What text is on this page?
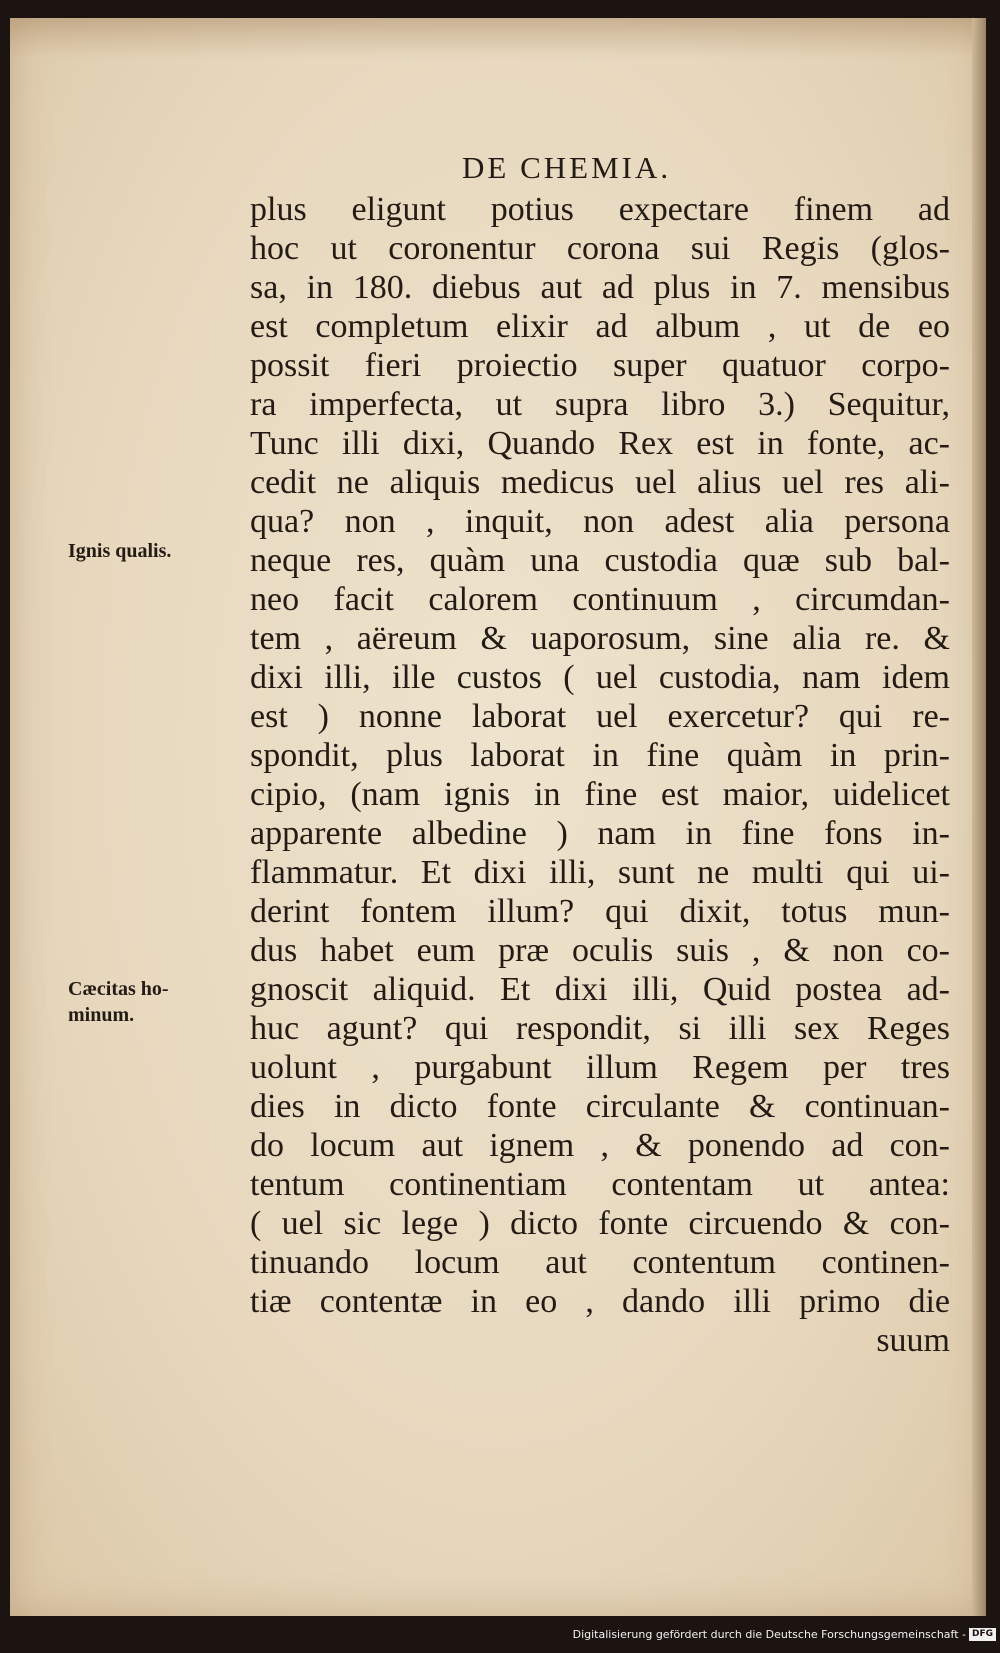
DE CHEMIA.
Ignis qualis.
Cæcitas ho-
minum.
plus eligunt potius expectare finem ad
hoc ut coronentur corona sui Regis (glos-
sa, in 180. diebus aut ad plus in 7. mensibus
est completum elixir ad album , ut de eo
possit fieri proiectio super quatuor corpo-
ra imperfecta, ut supra libro 3.) Sequitur,
Tunc illi dixi, Quando Rex est in fonte, ac-
cedit ne aliquis medicus uel alius uel res ali-
qua? non , inquit, non adest alia persona
neque res, quàm una custodia quæ sub bal-
neo facit calorem continuum , circumdan-
tem , aëreum & uaporosum, sine alia re. &
dixi illi, ille custos ( uel custodia, nam idem
est ) nonne laborat uel exercetur? qui re-
spondit, plus laborat in fine quàm in prin-
cipio, (nam ignis in fine est maior, uidelicet
apparente albedine ) nam in fine fons in-
flammatur. Et dixi illi, sunt ne multi qui ui-
derint fontem illum? qui dixit, totus mun-
dus habet eum præ oculis suis , & non co-
gnoscit aliquid. Et dixi illi, Quid postea ad-
huc agunt? qui respondit, si illi sex Reges
uolunt , purgabunt illum Regem per tres
dies in dicto fonte circulante & continuan-
do locum aut ignem , & ponendo ad con-
tentum continentiam contentam ut antea:
( uel sic lege ) dicto fonte circuendo & con-
tinuando locum aut contentum continen-
tiæ contentæ in eo , dando illi primo die
suum
Digitalisierung gefördert durch die Deutsche Forschungsgemeinschaft - DFG
